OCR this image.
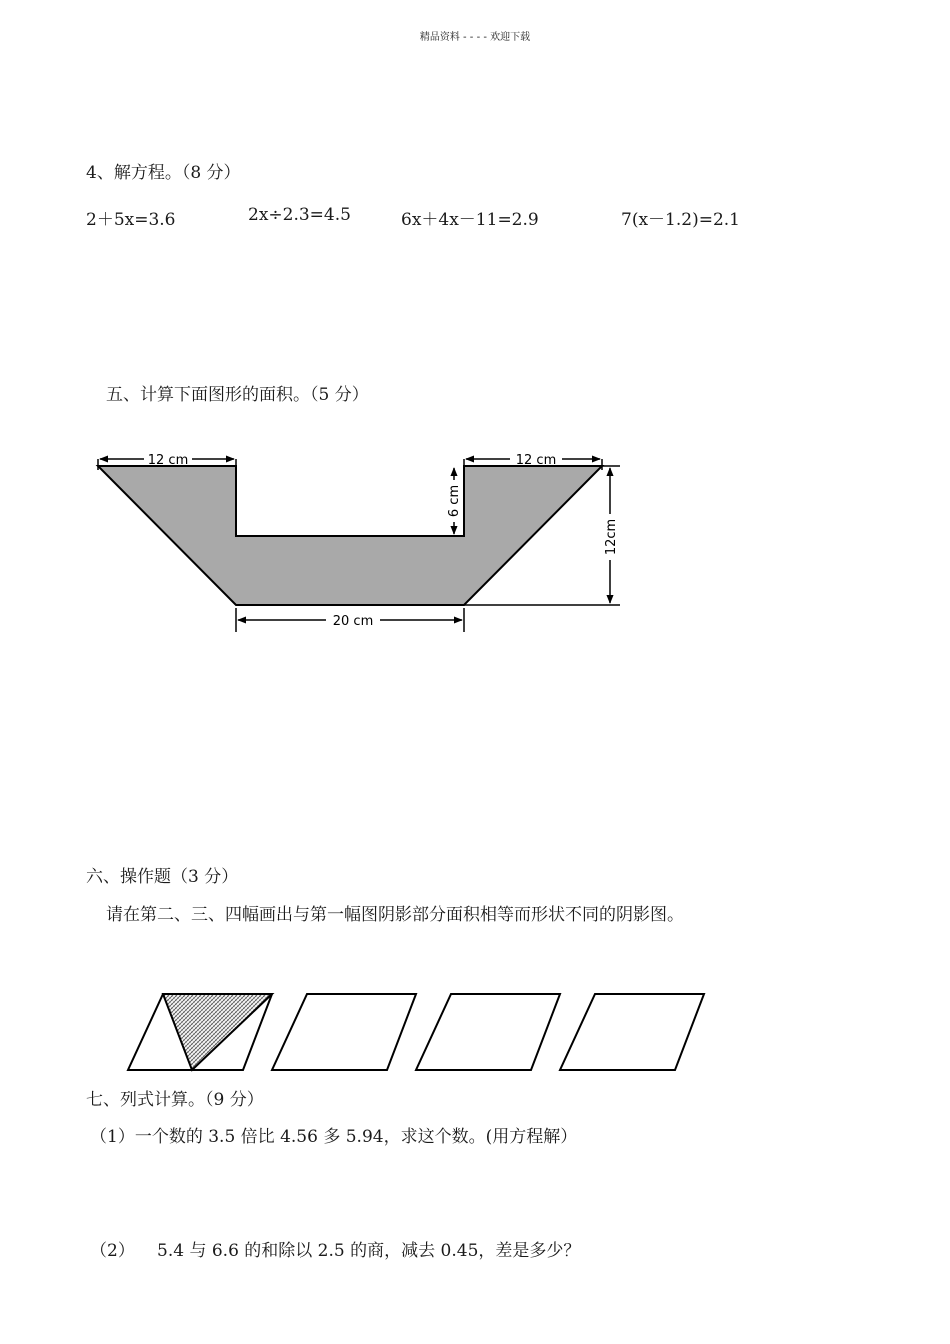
精品资料 - - - - 欢迎下载
4、解方程。（8 分）
2＋5x=3.6	2x÷2.3=4.5	6x＋4x－11=2.9	7(x－1.2)=2.1
五、计算下面图形的面积。（5 分）
12 cm	12 cm
6 cm
12cm
20 cm
六、操作题（3 分）
请在第二、三、四幅画出与第一幅图阴影部分面积相等而形状不同的阴影图。
七、列式计算。（9 分）
（1）一个数的 3.5 倍比 4.56 多 5.94，求这个数。(用方程解）
（2） 5.4 与 6.6 的和除以 2.5 的商，减去 0.45，差是多少？
